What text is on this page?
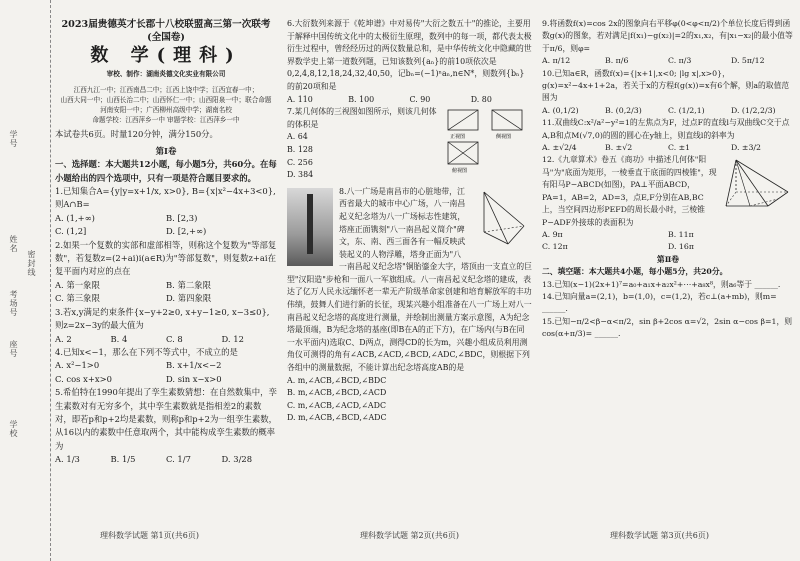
学号
姓名
考场号
密封线
座号
学校

2023届贵德英才长郡十八校联盟高三第一次联考(全国卷)

数 学(理科)

审校、制作：湖南炎德文化实业有限公司

江西九江一中；江西南昌二中；江西上饶中学；江西宜春一中；
山西大同一中；山西长治二中；山西怀仁一中；山西阳泉一中；联合命题
河南安阳一中；广西柳州高级中学；湖南名校
命题学校：江西萍乡一中 审题学校：江西萍乡一中

本试卷共6页。时量120分钟，满分150分。

第Ⅰ卷

一、选择题：本大题共12小题，每小题5分，共60分。在每小题给出的四个选项中，只有一项是符合题目要求的。

1.已知集合A={y|y=x+1/x, x>0}, B={x|x²−4x+3<0}, 则A∩B=

A. (1,+∞)	B. [2,3)
C. (1,2]	D. [2,+∞)

2.如果一个复数的实部和虚部相等，则称这个复数为"等部复数"，若复数z=(2+ai)i(a∈R)为"等部复数"，则复数z+ai在复平面内对应的点在

A. 第一象限	B. 第二象限
C. 第三象限	D. 第四象限

3.若x,y满足约束条件{x−y+2≥0, x+y−1≥0, x−3≤0}, 则z=2x−3y的最大值为

A. 2	B. 4	C. 8	D. 12

4.已知x<−1，那么在下列不等式中，不成立的是

A. x²−1>0	B. x+1/x<−2
C. cos x+x>0	D. sin x−x>0

5.希伯特在1990年提出了孪生素数猜想：在自然数集中，孪生素数对有无穷多个，其中孪生素数就是指相差2的素数对，即若p和p+2均是素数，则称p和p+2为一组孪生素数，从16以内的素数中任意取两个，其中能构成孪生素数的概率为

A. 1/3	B. 1/5	C. 1/7	D. 3/28
理科数学试题 第1页(共6页)

6.大衍数列来源于《乾坤谱》中对易传"大衍之数五十"的推论，主要用于解释中国传统文化中的太极衍生原理，数列中的每一项，都代表太极衍生过程中，曾经经历过的两仪数量总和，是中华传统文化中隐藏的世界数学史上第一道数列题，已知该数列{aₙ}的前10项依次是0,2,4,8,12,18,24,32,40,50，记bₙ=(−1)ⁿaₙ,n∈N*，则数列{bₙ}的前20项和是

A. 110	B. 100	C. 90	D. 80
正视图	侧视图
俯视图

7.某几何体的三视图如图所示，则该几何体的体积是

A. 64
B. 128
C. 256
D. 384

8.八一广场是南昌市的心脏地带，江西省最大的城市中心广场，八一南昌起义纪念塔为八一广场标志性建筑，塔座正面镌刻"八一南昌起义简介"碑文，东、南、西三面各有一幅反映武装起义的人物浮雕，塔身正面为"八一南昌起义纪念塔"铜胎鎏金大字，塔顶由一支直立的巨型"汉阳造"步枪和一面八一军旗组成。八一南昌起义纪念塔的建成，表达了亿万人民永远缅怀老一辈无产阶级革命家创建和培育解放军的丰功伟绩，鼓舞人们进行新的长征，现某兴趣小组准备在八一广场上对八一南昌起义纪念塔的高度进行测量，并绘制出测量方案示意图，A为纪念塔最顶端，B为纪念塔的基座(即B在A的正下方)，在广场内(与B在同一水平面内)选取C、D两点，测得CD的长为m，兴趣小组成员利用测角仪可测得的角有∠ACB,∠ACD,∠BCD,∠ADC,∠BDC，则根据下列各组中的测量数据，不能计算出纪念塔高度AB的是

A. m,∠ACB,∠BCD,∠BDC
B. m,∠ACB,∠BCD,∠ACD
C. m,∠ACB,∠ACD,∠ADC
D. m,∠ACB,∠BCD,∠ADC
理科数学试题 第2页(共6页)

9.将函数f(x)=cos 2x的图象向右平移φ(0<φ<π/2)个单位长度后得到函数g(x)的图象，若对满足|f(x₁)−g(x₂)|=2的x₁,x₂，有|x₁−x₂|的最小值等于π/6，则φ=

A. π/12	B. π/6	C. π/3	D. 5π/12

10.已知a∈R，函数f(x)={|x+1|,x<0; |lg x|,x>0}，g(x)=x²−4x+1+2a，若关于x的方程f(g(x))=x有6个解，则a的取值范围为

A. (0,1/2)	B. (0,2/3)	C. (1/2,1)	D. (1/2,2/3)

11.双曲线C:x²/a²−y²=1的左焦点为F，过点F的直线l与双曲线C交于点A,B和点M(√7,0)的圆的圆心在y轴上，则直线l的斜率为

A. ±√2/4	B. ±√2	C. ±1	D. ±3/2

12.《九章算术》卷五《商功》中描述几何体"阳马"为"底面为矩形，一棱垂直于底面的四棱锥"，现有阳马P−ABCD(如图)，PA⊥平面ABCD，PA=1，AB=2，AD=3，点E,F分别在AB,BC上，当空间四边形PEFD的周长最小时，三棱锥P−ADF外接球的表面积为

A. 9π	B. 11π
C. 12π	D. 16π

第Ⅱ卷

二、填空题：本大题共4小题，每小题5分，共20分。

13.已知(x−1)(2x+1)⁷=a₀+a₁x+a₂x²+⋯+a₈x⁸，则a₆等于 ______.

14.已知向量a=(2,1)，b=(1,0)，c=(1,2)，若c⊥(a+mb)，则m= ______.

15.已知−π/2<β−α<π/2，sin β+2cos α=√2，2sin α−cos β=1，则cos(α+π/3)= ______.

理科数学试题 第3页(共6页)
